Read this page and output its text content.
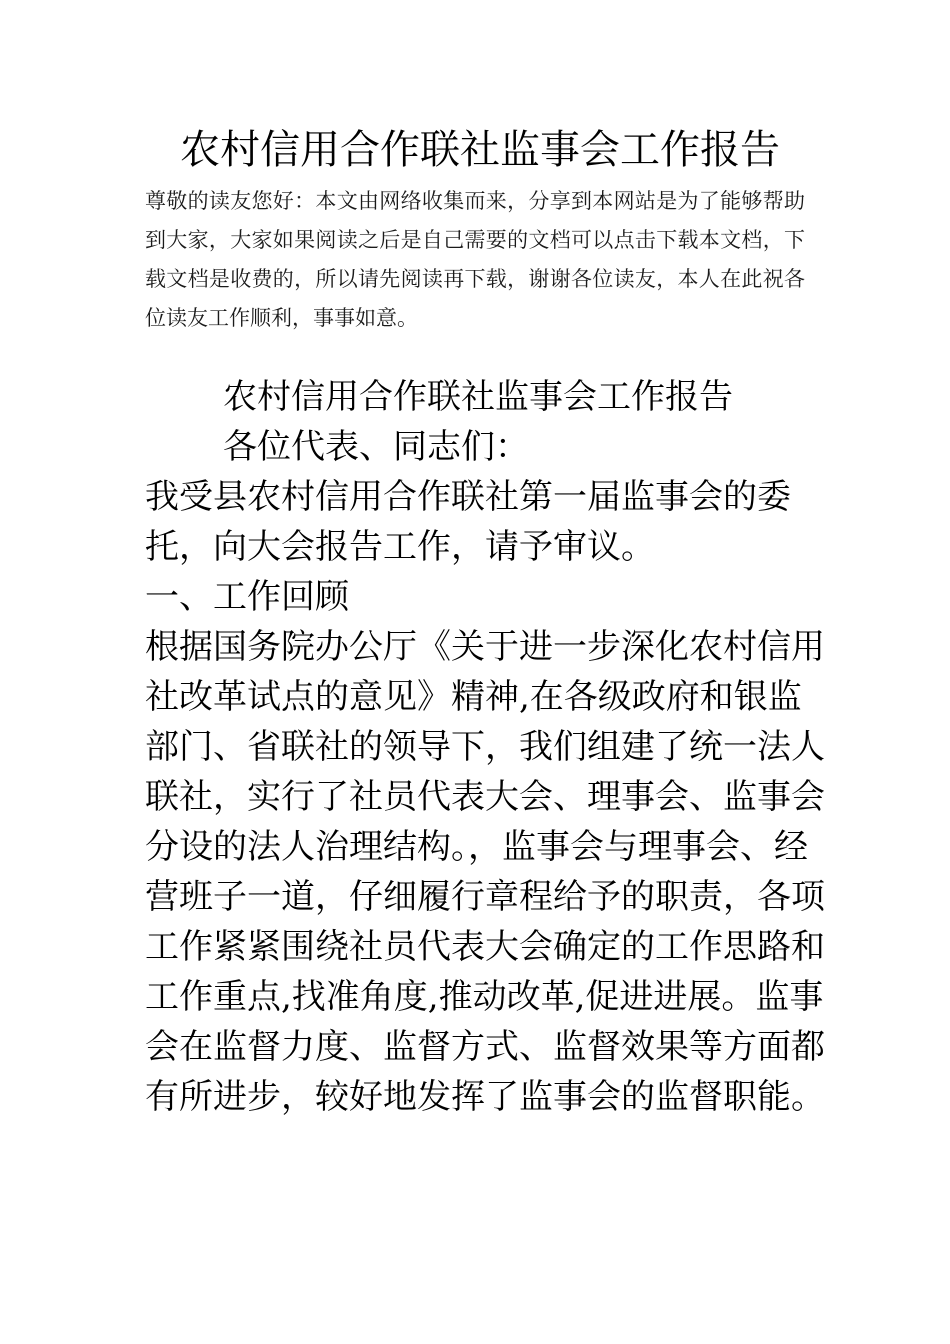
农村信用合作联社监事会工作报告
尊敬的读友您好：本文由网络收集而来，分享到本网站是为了能够帮助到大家，大家如果阅读之后是自己需要的文档可以点击下载本文档，下载文档是收费的，所以请先阅读再下载，谢谢各位读友，本人在此祝各位读友工作顺利，事事如意。

农村信用合作联社监事会工作报告

各位代表、同志们：

我受县农村信用合作联社第一届监事会的委托，向大会报告工作，请予审议。

一、工作回顾

根据国务院办公厅《关于进一步深化农村信用社改革试点的意见》精神,在各级政府和银监部门、省联社的领导下，我们组建了统一法人联社，实行了社员代表大会、理事会、监事会分设的法人治理结构。，监事会与理事会、经营班子一道，仔细履行章程给予的职责，各项工作紧紧围绕社员代表大会确定的工作思路和工作重点,找准角度,推动改革,促进进展。监事会在监督力度、监督方式、监督效果等方面都有所进步，较好地发挥了监事会的监督职能。
